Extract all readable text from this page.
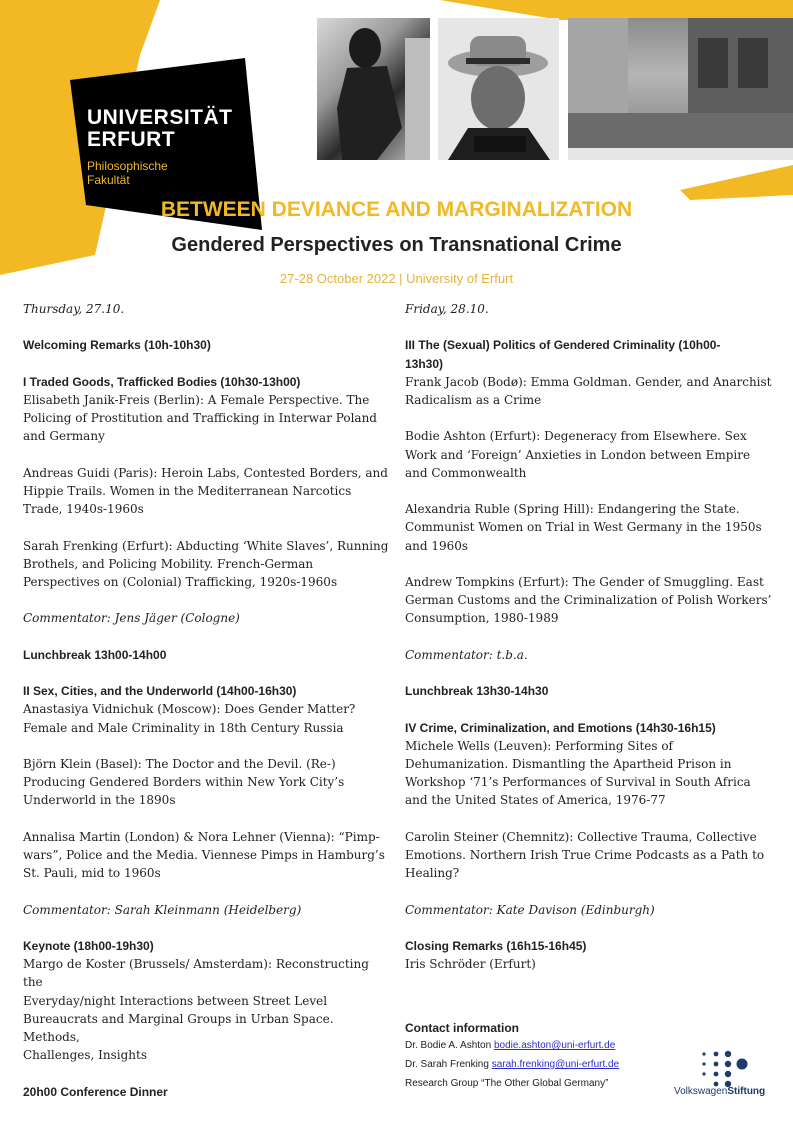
UNIVERSITÄT
ERFURT
Philosophische
Fakultät
BETWEEN DEVIANCE AND MARGINALIZATION
Gendered Perspectives on Transnational Crime
27-28 October 2022 | University of Erfurt
Thursday, 27.10.
Welcoming Remarks (10h-10h30)
I Traded Goods, Trafficked Bodies (10h30-13h00)
Elisabeth Janik-Freis (Berlin): A Female Perspective. The
Policing of Prostitution and Trafficking in Interwar Poland
and Germany
Andreas Guidi (Paris): Heroin Labs, Contested Borders, and
Hippie Trails. Women in the Mediterranean Narcotics
Trade, 1940s-1960s
Sarah Frenking (Erfurt): Abducting ‘White Slaves’, Running
Brothels, and Policing Mobility. French-German
Perspectives on (Colonial) Trafficking, 1920s-1960s
Commentator: Jens Jäger (Cologne)
Lunchbreak 13h00-14h00
II Sex, Cities, and the Underworld (14h00-16h30)
Anastasiya Vidnichuk (Moscow): Does Gender Matter?
Female and Male Criminality in 18th Century Russia
Björn Klein (Basel): The Doctor and the Devil. (Re-)
Producing Gendered Borders within New York City’s
Underworld in the 1890s
Annalisa Martin (London) & Nora Lehner (Vienna): “Pimp-
wars”, Police and the Media. Viennese Pimps in Hamburg’s
St. Pauli, mid to 1960s
Commentator: Sarah Kleinmann (Heidelberg)
Keynote (18h00-19h30)
Margo de Koster (Brussels/ Amsterdam): Reconstructing the
Everyday/night Interactions between Street Level
Bureaucrats and Marginal Groups in Urban Space. Methods,
Challenges, Insights
20h00 Conference Dinner
Friday, 28.10.
III The (Sexual) Politics of Gendered Criminality (10h00-
13h30)
Frank Jacob (Bodø): Emma Goldman. Gender, and Anarchist
Radicalism as a Crime
Bodie Ashton (Erfurt): Degeneracy from Elsewhere. Sex
Work and ‘Foreign’ Anxieties in London between Empire
and Commonwealth
Alexandria Ruble (Spring Hill): Endangering the State.
Communist Women on Trial in West Germany in the 1950s
and 1960s
Andrew Tompkins (Erfurt): The Gender of Smuggling. East
German Customs and the Criminalization of Polish Workers’
Consumption, 1980-1989
Commentator: t.b.a.
Lunchbreak 13h30-14h30
IV Crime, Criminalization, and Emotions (14h30-16h15)
Michele Wells (Leuven): Performing Sites of
Dehumanization. Dismantling the Apartheid Prison in
Workshop ‘71’s Performances of Survival in South Africa
and the United States of America, 1976-77
Carolin Steiner (Chemnitz): Collective Trauma, Collective
Emotions. Northern Irish True Crime Podcasts as a Path to
Healing?
Commentator: Kate Davison (Edinburgh)
Closing Remarks (16h15-16h45)
Iris Schröder (Erfurt)
Contact information
Dr. Bodie A. Ashton bodie.ashton@uni-erfurt.de
Dr. Sarah Frenking sarah.frenking@uni-erfurt.de
Research Group “The Other Global Germany”
VolkswagenStiftung
